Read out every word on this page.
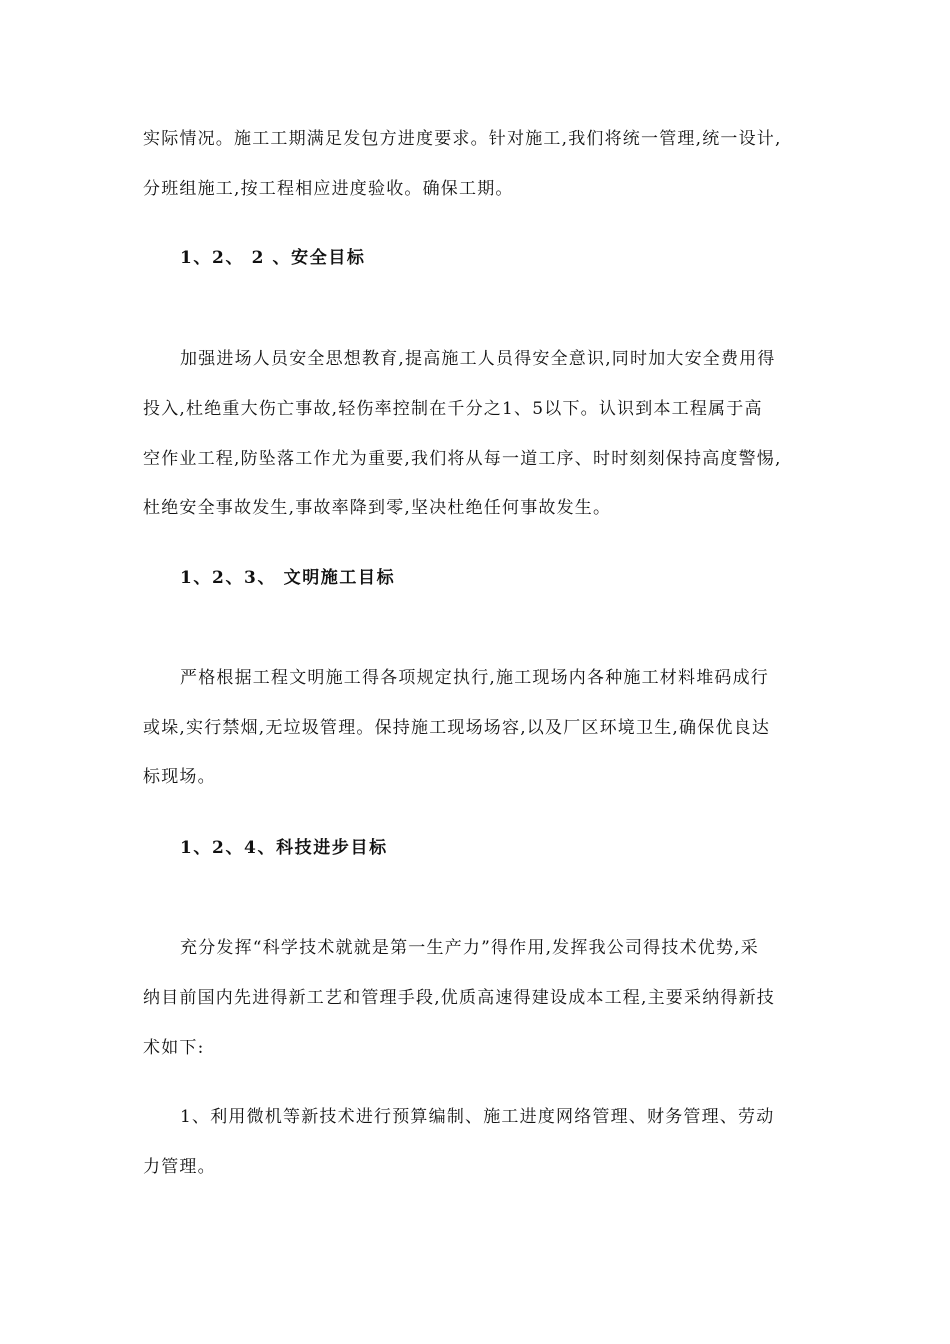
实际情况。施工工期满足发包方进度要求。针对施工,我们将统一管理,统一设计,
分班组施工,按工程相应进度验收。确保工期。
1、2、 2 、安全目标
加强进场人员安全思想教育,提高施工人员得安全意识,同时加大安全费用得
投入,杜绝重大伤亡事故,轻伤率控制在千分之1、5以下。认识到本工程属于高
空作业工程,防坠落工作尤为重要,我们将从每一道工序、时时刻刻保持高度警惕,
杜绝安全事故发生,事故率降到零,坚决杜绝任何事故发生。
1、2、3、 文明施工目标
严格根据工程文明施工得各项规定执行,施工现场内各种施工材料堆码成行
或垛,实行禁烟,无垃圾管理。保持施工现场场容,以及厂区环境卫生,确保优良达
标现场。
1、2、4、科技进步目标
充分发挥“科学技术就就是第一生产力”得作用,发挥我公司得技术优势,采
纳目前国内先进得新工艺和管理手段,优质高速得建设成本工程,主要采纳得新技
术如下:
1、利用微机等新技术进行预算编制、施工进度网络管理、财务管理、劳动
力管理。
